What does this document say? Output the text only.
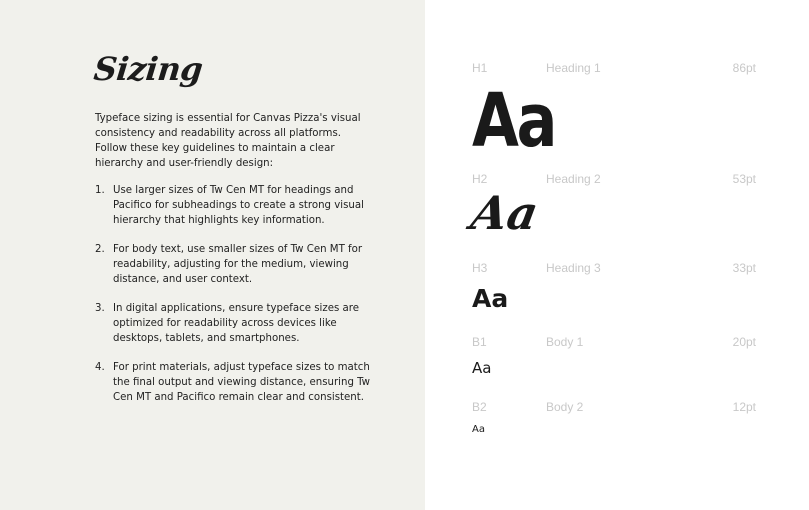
Sizing

Typeface sizing is essential for Canvas Pizza's visual consistency and readability across all platforms. Follow these key guidelines to maintain a clear hierarchy and user-friendly design:

1. Use larger sizes of Tw Cen MT for headings and Pacifico for subheadings to create a strong visual hierarchy that highlights key information.
2. For body text, use smaller sizes of Tw Cen MT for readability, adjusting for the medium, viewing distance, and user context.
3. In digital applications, ensure typeface sizes are optimized for readability across devices like desktops, tablets, and smartphones.
4. For print materials, adjust typeface sizes to match the final output and viewing distance, ensuring Tw Cen MT and Pacifico remain clear and consistent.
H1	Heading 1	86pt
Aa
H2	Heading 2	53pt
Aa
H3	Heading 3	33pt
Aa
B1	Body 1	20pt
Aa
B2	Body 2	12pt
Aa
